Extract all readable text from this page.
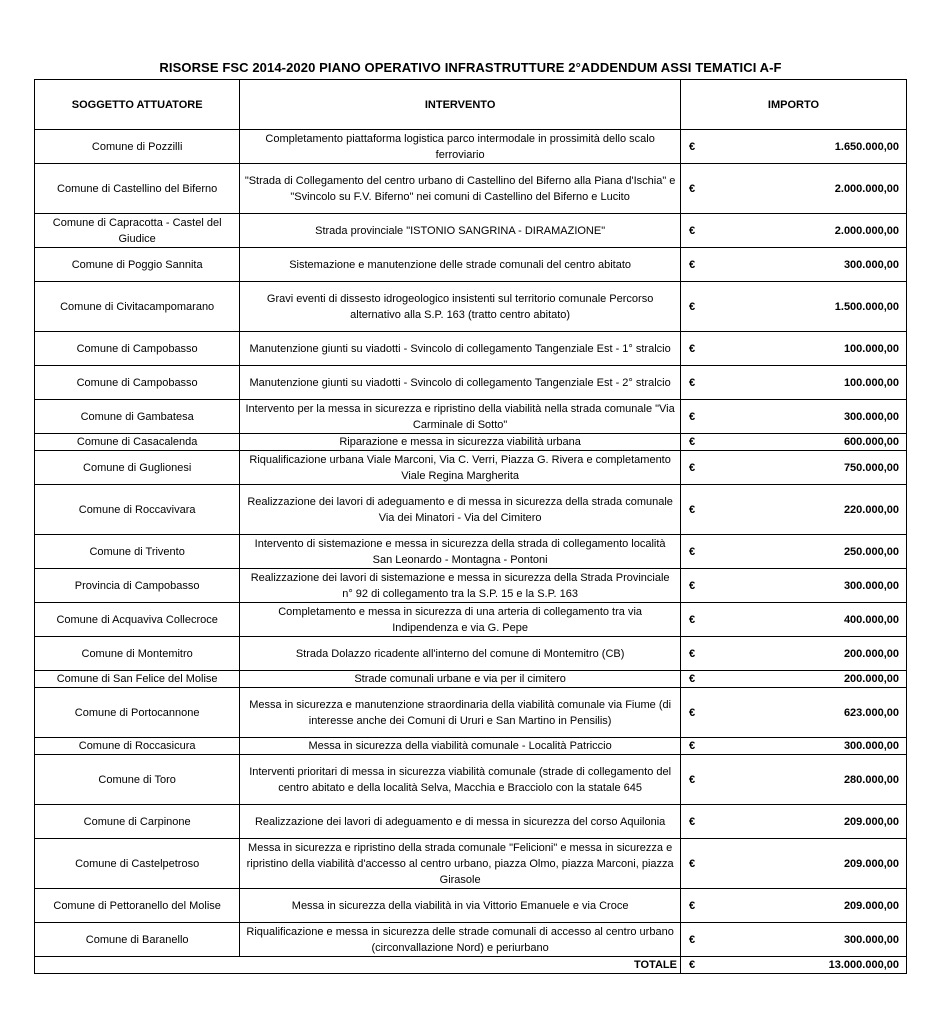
RISORSE FSC 2014-2020 PIANO OPERATIVO INFRASTRUTTURE 2°ADDENDUM ASSI TEMATICI A-F
SOGGETTO ATTUATORE	INTERVENTO	IMPORTO
Comune di Pozzilli	Completamento piattaforma logistica parco intermodale in prossimità dello scalo ferroviario	€ 1.650.000,00

Comune di Castellino del Biferno	"Strada di Collegamento del centro urbano di Castellino del Biferno alla Piana d'Ischia" e "Svincolo su F.V. Biferno" nei comuni di Castellino del Biferno e Lucito	€ 2.000.000,00

Comune di Capracotta - Castel del Giudice	Strada provinciale "ISTONIO SANGRINA - DIRAMAZIONE"	€ 2.000.000,00

Comune di Poggio Sannita	Sistemazione e manutenzione delle strade comunali del centro abitato	€ 300.000,00

Comune di Civitacampomarano	Gravi eventi di dissesto idrogeologico insistenti sul territorio comunale Percorso alternativo alla S.P. 163 (tratto centro abitato)	€ 1.500.000,00

Comune di Campobasso	Manutenzione giunti su viadotti - Svincolo di collegamento Tangenziale Est - 1° stralcio	€ 100.000,00

Comune di Campobasso	Manutenzione giunti su viadotti - Svincolo di collegamento Tangenziale Est - 2° stralcio	€ 100.000,00

Comune di Gambatesa	Intervento per la messa in sicurezza e ripristino della viabilità nella strada comunale "Via Carminale di Sotto"	€ 300.000,00

Comune di Casacalenda	Riparazione e messa in sicurezza viabilità urbana	€ 600.000,00

Comune di Guglionesi	Riqualificazione urbana Viale Marconi, Via C. Verri, Piazza G. Rivera e completamento Viale Regina Margherita	€ 750.000,00

Comune di Roccavivara	Realizzazione dei lavori di adeguamento e di messa in sicurezza della strada comunale Via dei Minatori - Via del Cimitero	€ 220.000,00

Comune di Trivento	Intervento di sistemazione e messa in sicurezza della strada di collegamento località San Leonardo - Montagna - Pontoni	€ 250.000,00

Provincia di Campobasso	Realizzazione dei lavori di sistemazione e messa in sicurezza della Strada Provinciale n° 92 di collegamento tra la S.P. 15 e la S.P. 163	€ 300.000,00

Comune di Acquaviva Collecroce	Completamento e messa in sicurezza di una arteria di collegamento tra via Indipendenza e via G. Pepe	€ 400.000,00

Comune di Montemitro	Strada Dolazzo ricadente all'interno del comune di Montemitro (CB)	€ 200.000,00

Comune di San Felice del Molise	Strade comunali urbane e via per il cimitero	€ 200.000,00

Comune di Portocannone	Messa in sicurezza e manutenzione straordinaria della viabilità comunale via Fiume (di interesse anche dei Comuni di Ururi e San Martino in Pensilis)	€ 623.000,00

Comune di Roccasicura	Messa in sicurezza della viabilità comunale - Località Patriccio	€ 300.000,00

Comune di Toro	Interventi prioritari di messa in sicurezza viabilità comunale (strade di collegamento del centro abitato e della località Selva, Macchia e Bracciolo con la statale 645	€ 280.000,00

Comune di Carpinone	Realizzazione dei lavori di adeguamento e di messa in sicurezza del corso Aquilonia	€ 209.000,00

Comune di Castelpetroso	Messa in sicurezza e ripristino della strada comunale "Felicioni" e messa in sicurezza e ripristino della viabilità d'accesso al centro urbano, piazza Olmo, piazza Marconi, piazza Girasole	€ 209.000,00

Comune di Pettoranello del Molise	Messa in sicurezza della viabilità in via Vittorio Emanuele e via Croce	€ 209.000,00

Comune di Baranello	Riqualificazione e messa in sicurezza delle strade comunali di accesso al centro urbano (circonvallazione Nord) e periurbano	€ 300.000,00

	TOTALE	€ 13.000.000,00
